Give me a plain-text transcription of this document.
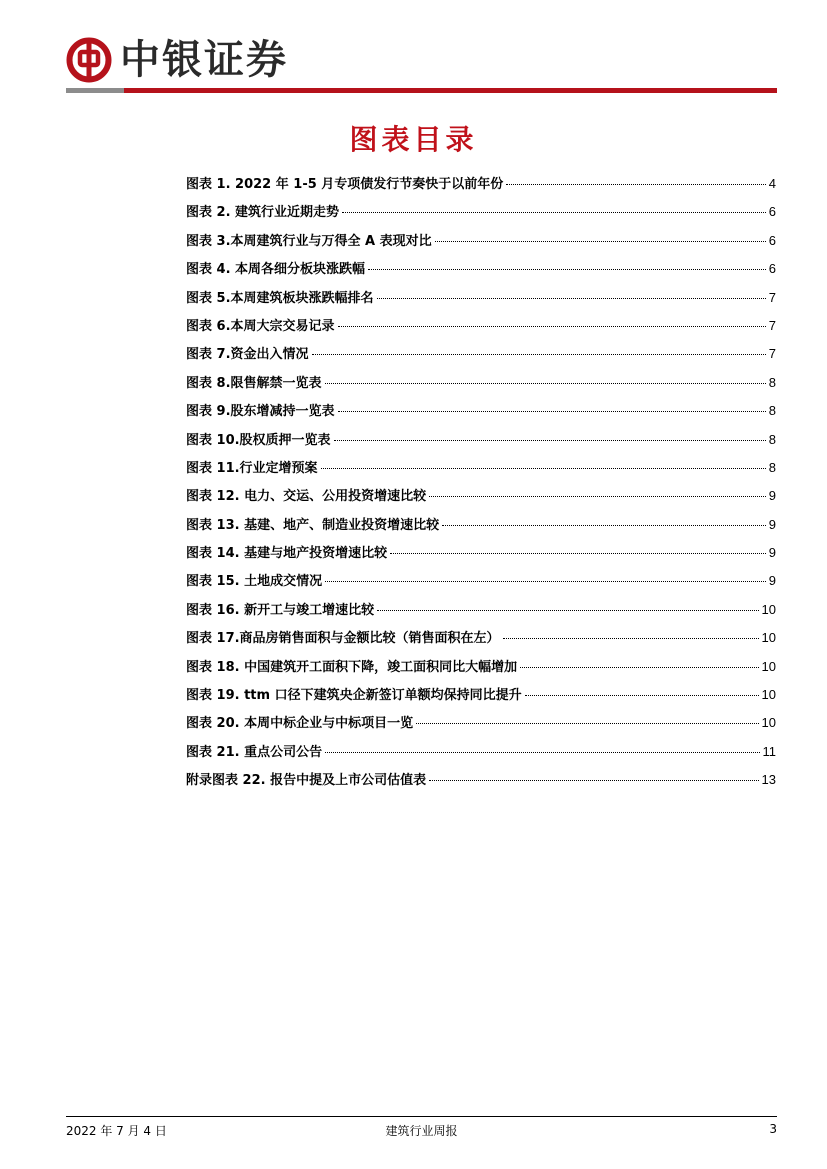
中银证券
图表目录
图表 1. 2022 年 1-5 月专项债发行节奏快于以前年份	4
图表 2. 建筑行业近期走势	6
图表 3.本周建筑行业与万得全 A 表现对比	6
图表 4. 本周各细分板块涨跌幅	6
图表 5.本周建筑板块涨跌幅排名	7
图表 6.本周大宗交易记录	7
图表 7.资金出入情况	7
图表 8.限售解禁一览表	8
图表 9.股东增减持一览表	8
图表 10.股权质押一览表	8
图表 11.行业定增预案	8
图表 12. 电力、交运、公用投资增速比较	9
图表 13. 基建、地产、制造业投资增速比较	9
图表 14. 基建与地产投资增速比较	9
图表 15. 土地成交情况	9
图表 16. 新开工与竣工增速比较	10
图表 17.商品房销售面积与金额比较（销售面积在左）	10
图表 18. 中国建筑开工面积下降，竣工面积同比大幅增加	10
图表 19. ttm 口径下建筑央企新签订单额均保持同比提升	10
图表 20. 本周中标企业与中标项目一览	10
图表 21. 重点公司公告	11
附录图表 22. 报告中提及上市公司估值表	13
2022 年 7 月 4 日	建筑行业周报	3
